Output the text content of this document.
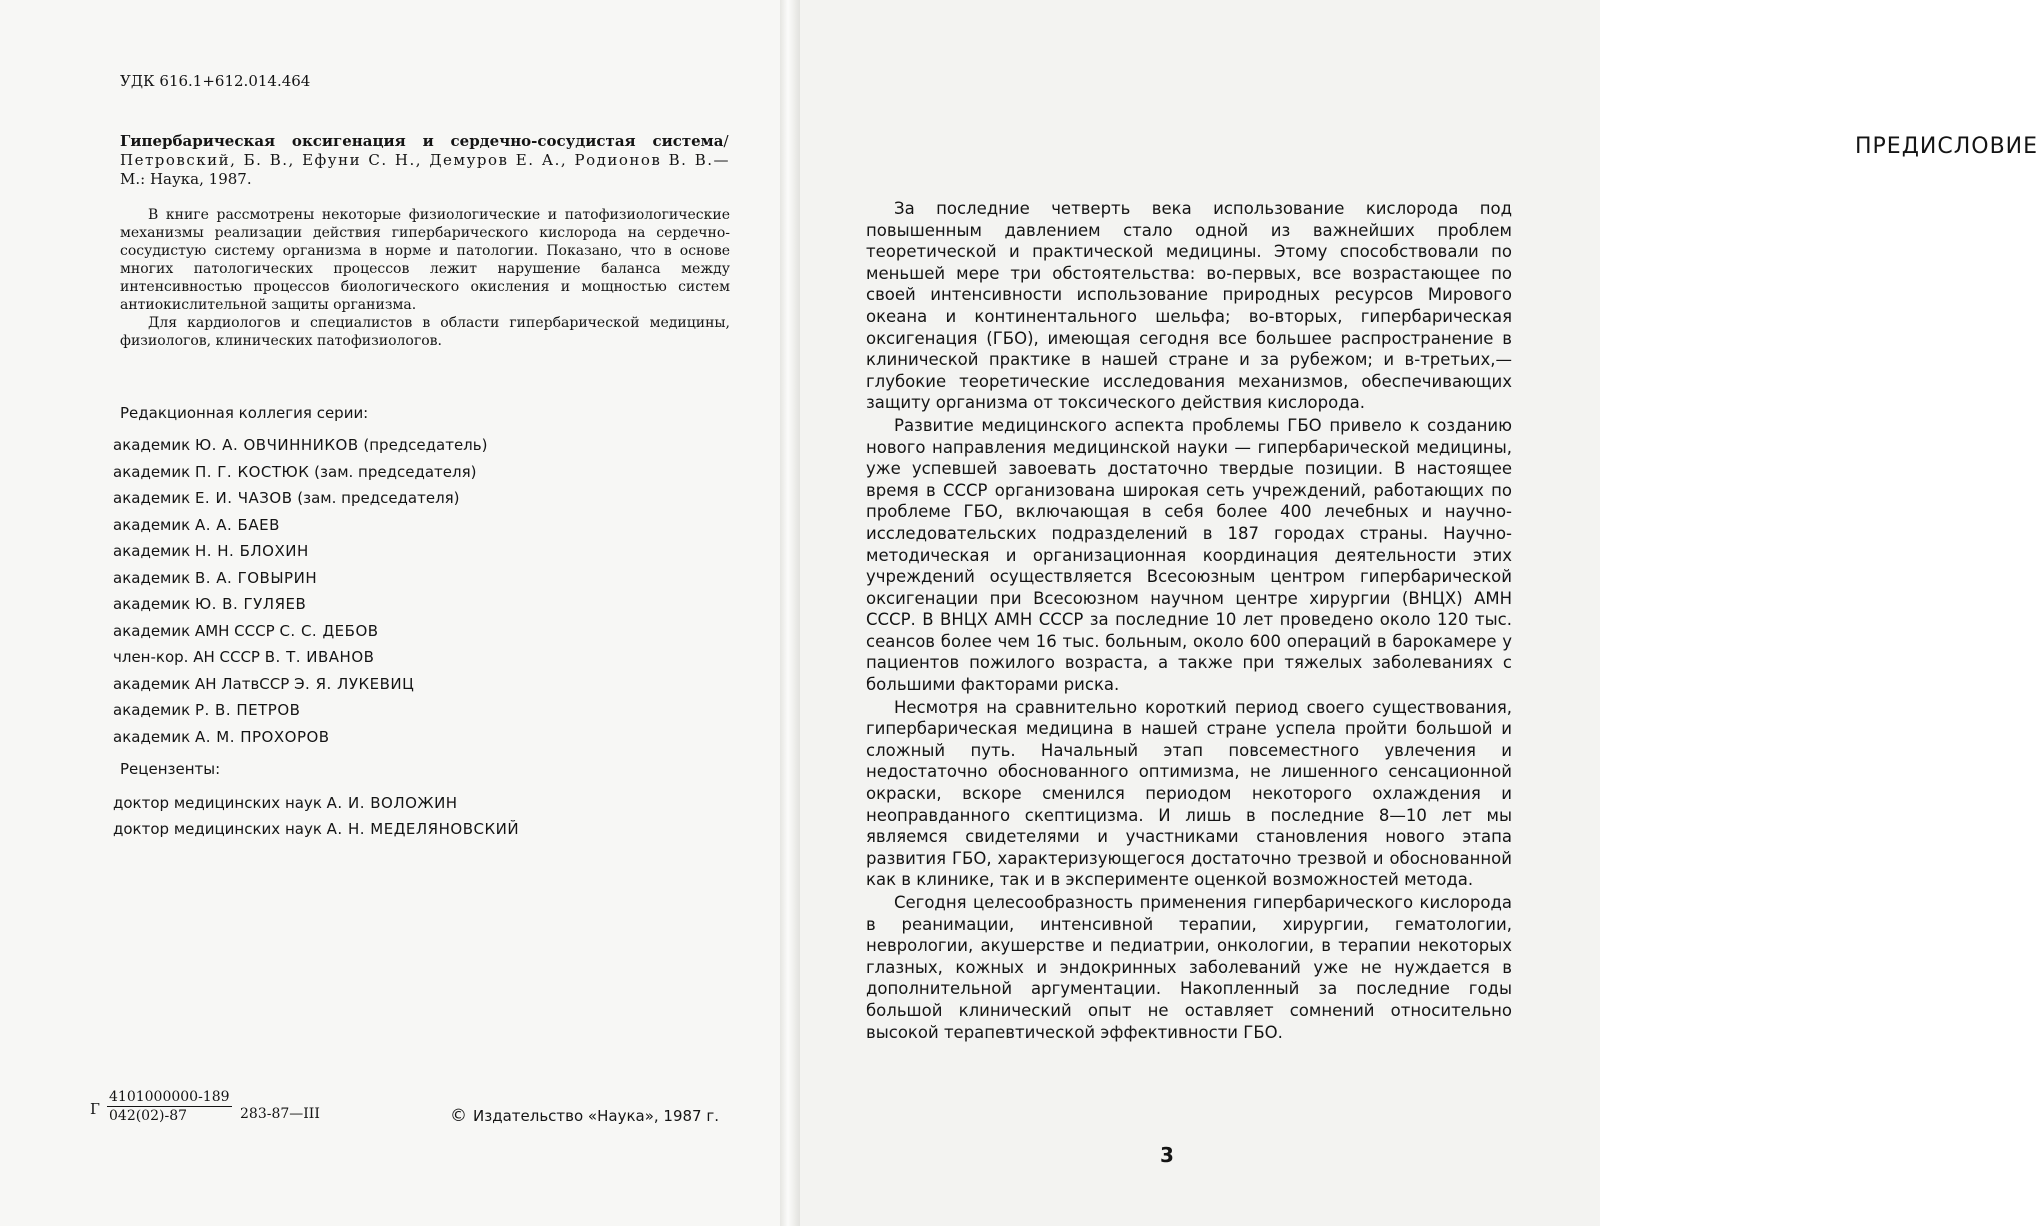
УДК 616.1+612.014.464

Гипербарическая оксигенация и сердечно-сосудистая система/Петровский, Б. В., Ефуни С. Н., Демуров Е. А., Родионов В. В.— М.: Наука, 1987.

В книге рассмотрены некоторые физиологические и патофизиологические механизмы реализации действия гипербарического кислорода на сердечно-сосудистую систему организма в норме и патологии. Показано, что в основе многих патологических процессов лежит нарушение баланса между интенсивностью процессов биологического окисления и мощностью систем антиокислительной защиты организма.

Для кардиологов и специалистов в области гипербарической медицины, физиологов, клинических патофизиологов.

Редакционная коллегия серии:
академик Ю. А. ОВЧИННИКОВ (председатель)
академик П. Г. КОСТЮК (зам. председателя)
академик Е. И. ЧАЗОВ (зам. председателя)
академик А. А. БАЕВ
академик Н. Н. БЛОХИН
академик В. А. ГОВЫРИН
академик Ю. В. ГУЛЯЕВ
академик АМН СССР С. С. ДЕБОВ
член-кор. АН СССР В. Т. ИВАНОВ
академик АН ЛатвССР Э. Я. ЛУКЕВИЦ
академик Р. В. ПЕТРОВ
академик А. М. ПРОХОРОВ
Рецензенты:
доктор медицинских наук А. И. ВОЛОЖИН
доктор медицинских наук А. Н. МЕДЕЛЯНОВСКИЙ
Г $\frac{4101000000-189}{042(02)-87}$ 283-87—III	© Издательство «Наука», 1987 г.
ПРЕДИСЛОВИЕ

За последние четверть века использование кислорода под повышенным давлением стало одной из важнейших проблем теоретической и практической медицины. Этому способствовали по меньшей мере три обстоятельства: во-первых, все возрастающее по своей интенсивности использование природных ресурсов Мирового океана и континентального шельфа; во-вторых, гипербарическая оксигенация (ГБО), имеющая сегодня все большее распространение в клинической практике в нашей стране и за рубежом; и в-третьих,— глубокие теоретические исследования механизмов, обеспечивающих защиту организма от токсического действия кислорода.

Развитие медицинского аспекта проблемы ГБО привело к созданию нового направления медицинской науки — гипербарической медицины, уже успевшей завоевать достаточно твердые позиции. В настоящее время в СССР организована широкая сеть учреждений, работающих по проблеме ГБО, включающая в себя более 400 лечебных и научно-исследовательских подразделений в 187 городах страны. Научно-методическая и организационная координация деятельности этих учреждений осуществляется Всесоюзным центром гипербарической оксигенации при Всесоюзном научном центре хирургии (ВНЦХ) АМН СССР. В ВНЦХ АМН СССР за последние 10 лет проведено около 120 тыс. сеансов более чем 16 тыс. больным, около 600 операций в барокамере у пациентов пожилого возраста, а также при тяжелых заболеваниях с большими факторами риска.

Несмотря на сравнительно короткий период своего существования, гипербарическая медицина в нашей стране успела пройти большой и сложный путь. Начальный этап повсеместного увлечения и недостаточно обоснованного оптимизма, не лишенного сенсационной окраски, вскоре сменился периодом некоторого охлаждения и неоправданного скептицизма. И лишь в последние 8—10 лет мы являемся свидетелями и участниками становления нового этапа развития ГБО, характеризующегося достаточно трезвой и обоснованной как в клинике, так и в эксперименте оценкой возможностей метода.

Сегодня целесообразность применения гипербарического кислорода в реанимации, интенсивной терапии, хирургии, гематологии, неврологии, акушерстве и педиатрии, онкологии, в терапии некоторых глазных, кожных и эндокринных заболеваний уже не нуждается в дополнительной аргументации. Накопленный за последние годы большой клинический опыт не оставляет сомнений относительно высокой терапевтической эффективности ГБО.

3
